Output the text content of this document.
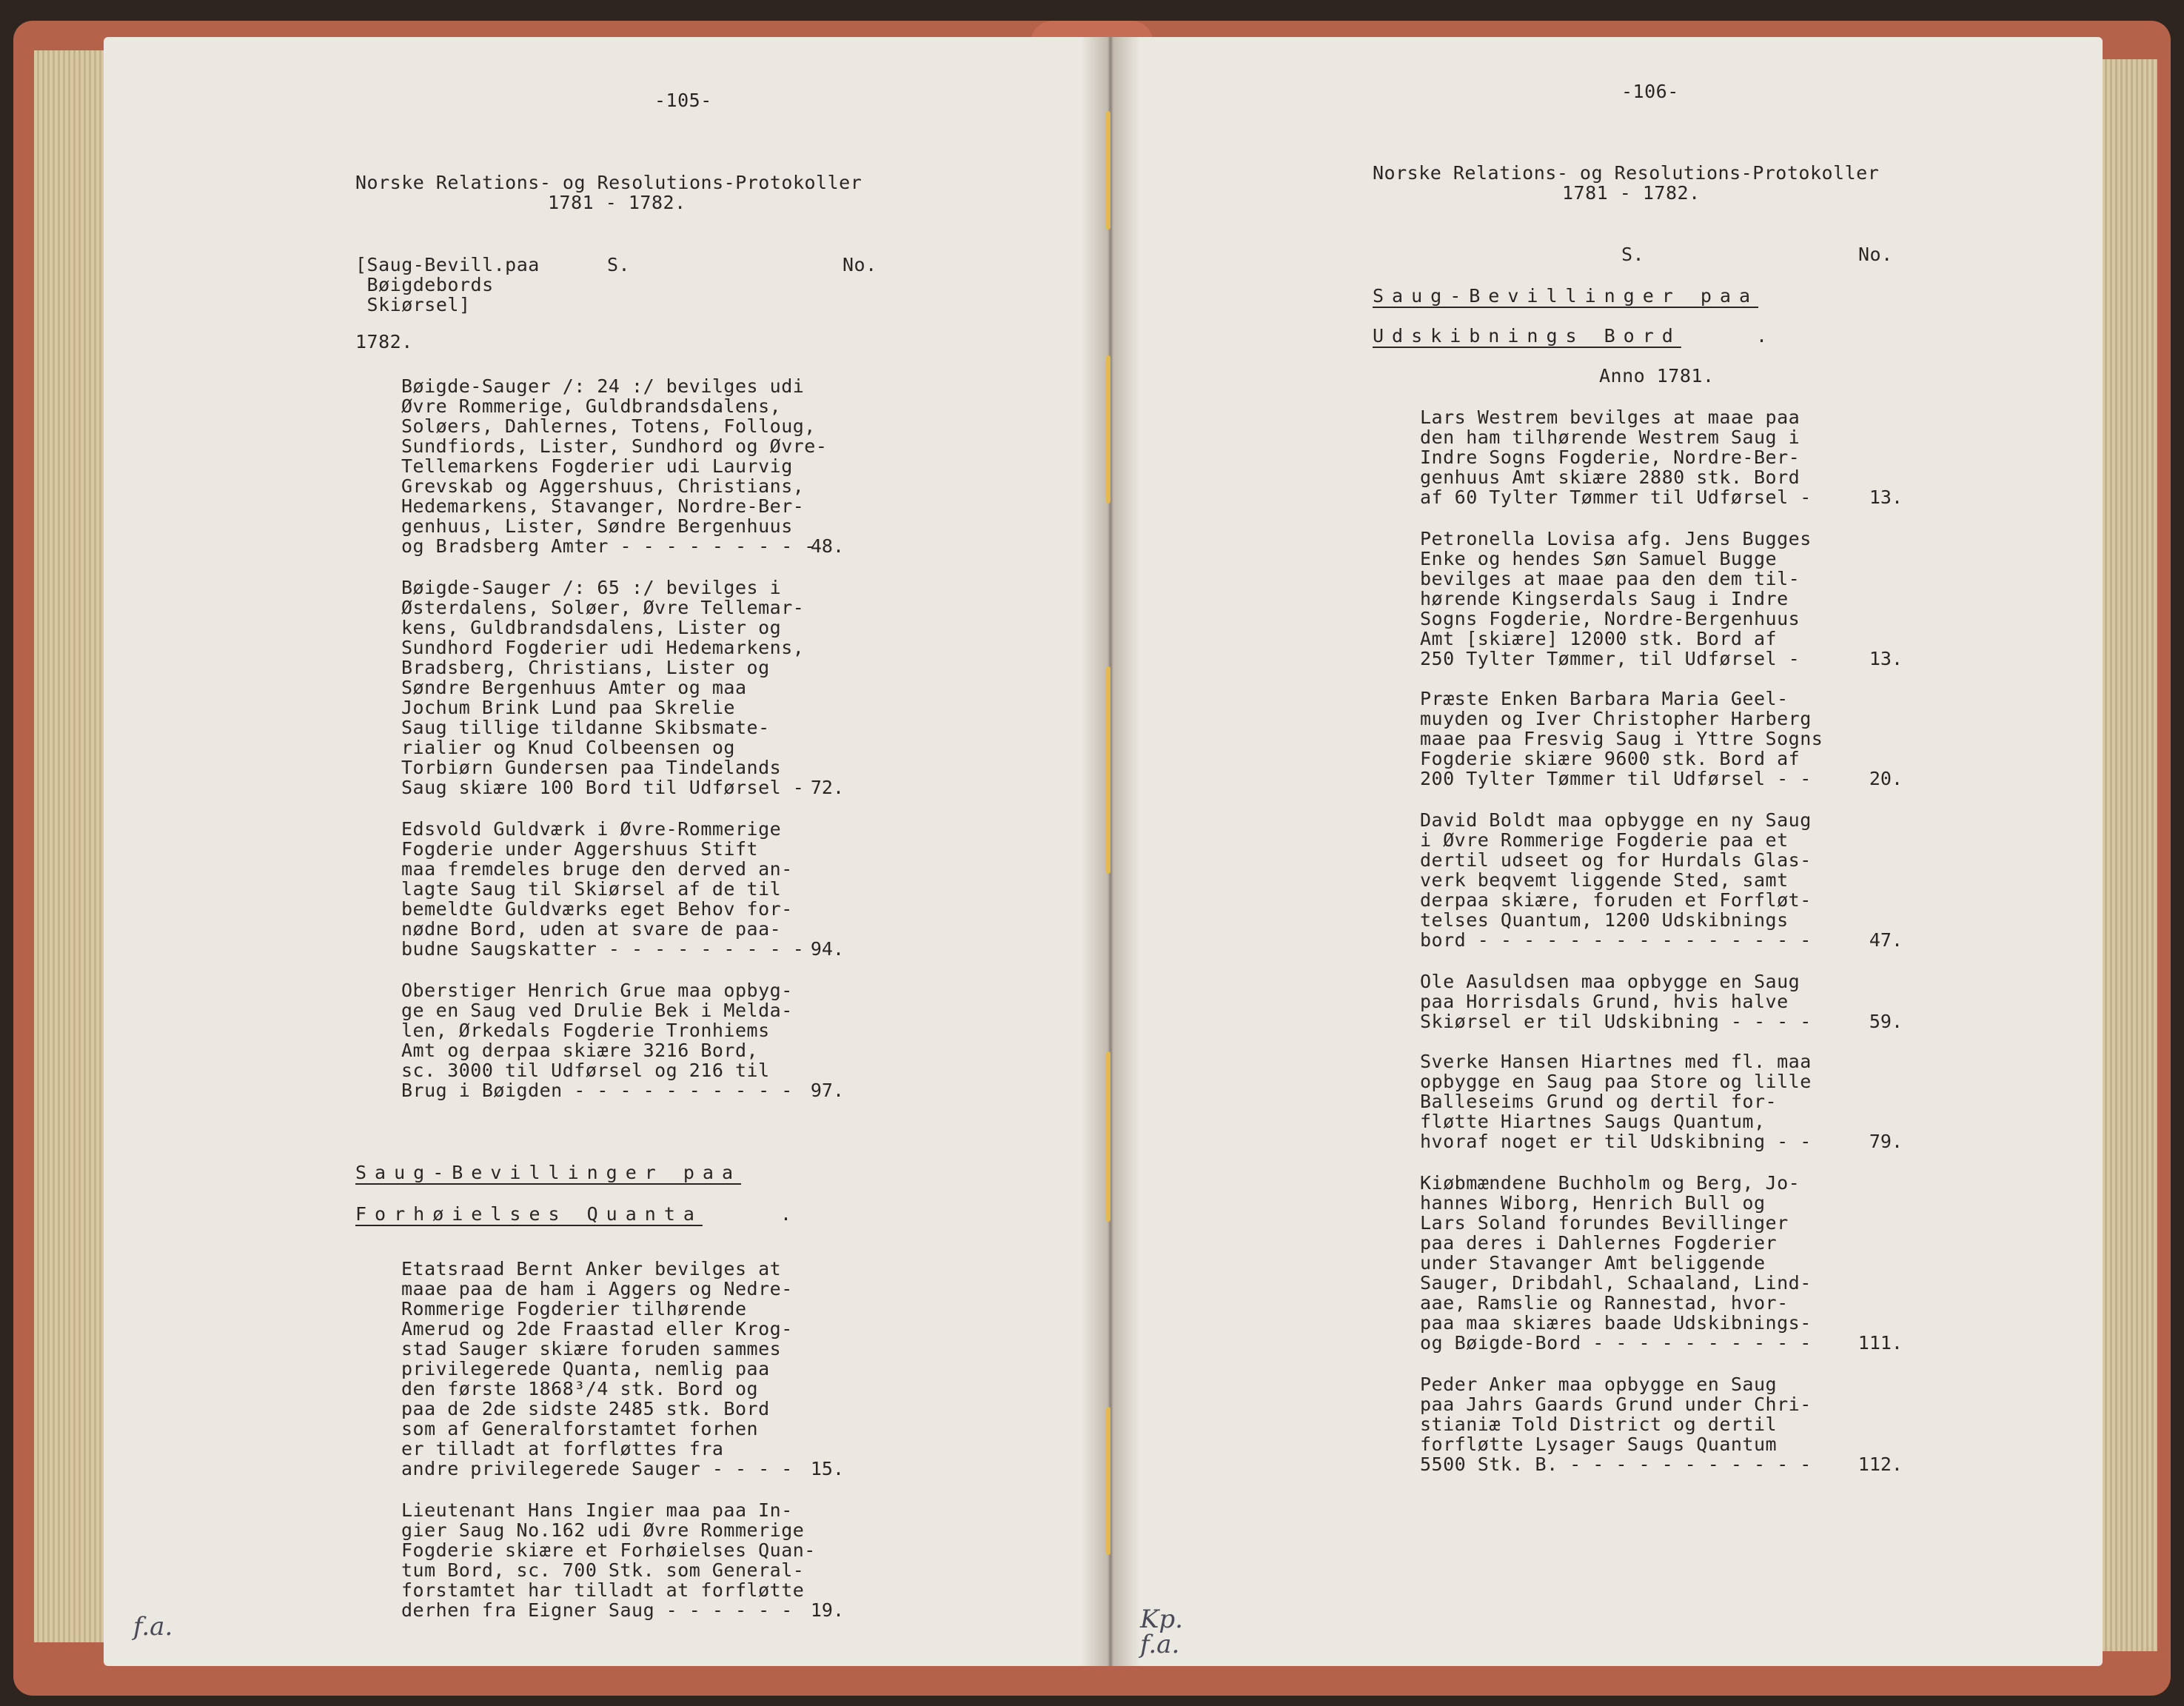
-105-
Norske Relations- og Resolutions-Protokoller
1781 - 1782.
[Saug-Bevill.paa
Bøigdebords
Skiørsel]
S.	No.
1782.
Bøigde-Sauger /: 24 :/ bevilges udi
Øvre Rommerige, Guldbrandsdalens,
Soløers, Dahlernes, Totens, Folloug,
Sundfiords, Lister, Sundhord og Øvre-
Tellemarkens Fogderier udi Laurvig
Grevskab og Aggershuus, Christians,
Hedemarkens, Stavanger, Nordre-Ber-
genhuus, Lister, Søndre Bergenhuus
og Bradsberg Amter - - - - - - - - -
48.
Bøigde-Sauger /: 65 :/ bevilges i
Østerdalens, Soløer, Øvre Tellemar-
kens, Guldbrandsdalens, Lister og
Sundhord Fogderier udi Hedemarkens,
Bradsberg, Christians, Lister og
Søndre Bergenhuus Amter og maa
Jochum Brink Lund paa Skrelie
Saug tillige tildanne Skibsmate-
rialier og Knud Colbeensen og
Torbiørn Gundersen paa Tindelands
Saug skiære 100 Bord til Udførsel - 72.
Edsvold Guldværk i Øvre-Rommerige
Fogderie under Aggershuus Stift
maa fremdeles bruge den derved an-
lagte Saug til Skiørsel af de til
bemeldte Guldværks eget Behov for-
nødne Bord, uden at svare de paa-
budne Saugskatter - - - - - - - - - 94.
Oberstiger Henrich Grue maa opbyg-
ge en Saug ved Drulie Bek i Melda-
len, Ørkedals Fogderie Tronhiems
Amt og derpaa skiære 3216 Bord,
sc. 3000 til Udførsel og 216 til
Brug i Bøigden - - - - - - - - - - 97.
Saug-Bevillinger paa
Forhøielses Quanta	.
Etatsraad Bernt Anker bevilges at
maae paa de ham i Aggers og Nedre-
Rommerige Fogderier tilhørende
Amerud og 2de Fraastad eller Krog-
stad Sauger skiære foruden sammes
privilegerede Quanta, nemlig paa
den første 1868³/4 stk. Bord og
paa de 2de sidste 2485 stk. Bord
som af Generalforstamtet forhen
er tilladt at forfløttes fra
andre privilegerede Sauger - - - - 15.
Lieutenant Hans Ingier maa paa In-
gier Saug No.162 udi Øvre Rommerige
Fogderie skiære et Forhøielses Quan-
tum Bord, sc. 700 Stk. som General-
forstamtet har tilladt at forfløtte
derhen fra Eigner Saug - - - - - - 19.
f.a.
-106-
Norske Relations- og Resolutions-Protokoller
1781 - 1782.
S.	No.
Saug-Bevillinger paa
Udskibnings Bord	.
Anno 1781.
Lars Westrem bevilges at maae paa
den ham tilhørende Westrem Saug i
Indre Sogns Fogderie, Nordre-Ber-
genhuus Amt skiære 2880 stk. Bord
af 60 Tylter Tømmer til Udførsel -	13.
Petronella Lovisa afg. Jens Bugges
Enke og hendes Søn Samuel Bugge
bevilges at maae paa den dem til-
hørende Kingserdals Saug i Indre
Sogns Fogderie, Nordre-Bergenhuus
Amt [skiære] 12000 stk. Bord af
250 Tylter Tømmer, til Udførsel -	13.
Præste Enken Barbara Maria Geel-
muyden og Iver Christopher Harberg
maae paa Fresvig Saug i Yttre Sogns
Fogderie skiære 9600 stk. Bord af
200 Tylter Tømmer til Udførsel - -	20.
David Boldt maa opbygge en ny Saug
i Øvre Rommerige Fogderie paa et
dertil udseet og for Hurdals Glas-
verk beqvemt liggende Sted, samt
derpaa skiære, foruden et Forfløt-
telses Quantum, 1200 Udskibnings
bord - - - - - - - - - - - - - - -	47.
Ole Aasuldsen maa opbygge en Saug
paa Horrisdals Grund, hvis halve
Skiørsel er til Udskibning - - - -	59.
Sverke Hansen Hiartnes med fl. maa
opbygge en Saug paa Store og lille
Balleseims Grund og dertil for-
fløtte Hiartnes Saugs Quantum,
hvoraf noget er til Udskibning - -	79.
Kiøbmændene Buchholm og Berg, Jo-
hannes Wiborg, Henrich Bull og
Lars Soland forundes Bevillinger
paa deres i Dahlernes Fogderier
under Stavanger Amt beliggende
Sauger, Dribdahl, Schaaland, Lind-
aae, Ramslie og Rannestad, hvor-
paa maa skiæres baade Udskibnings-
og Bøigde-Bord - - - - - - - - - -	111.
Peder Anker maa opbygge en Saug
paa Jahrs Gaards Grund under Chri-
stianiæ Told District og dertil
forfløtte Lysager Saugs Quantum
5500 Stk. B. - - - - - - - - - - -	112.
Kp.
f.a.
